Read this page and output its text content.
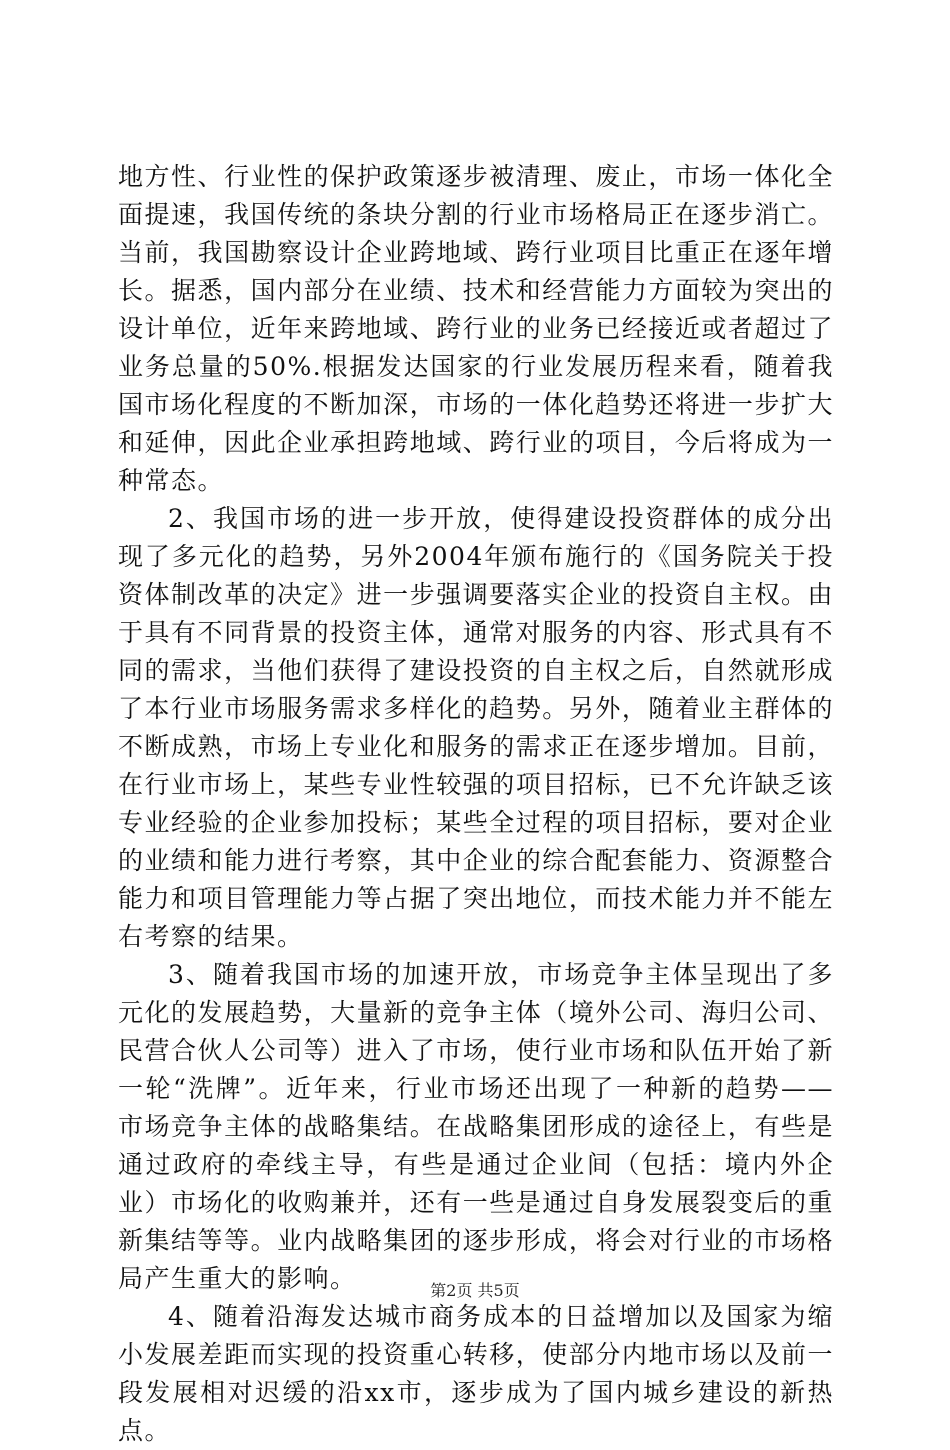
地方性、行业性的保护政策逐步被清理、废止，市场一体化全面提速，我国传统的条块分割的行业市场格局正在逐步消亡。当前，我国勘察设计企业跨地域、跨行业项目比重正在逐年增长。据悉，国内部分在业绩、技术和经营能力方面较为突出的设计单位，近年来跨地域、跨行业的业务已经接近或者超过了业务总量的50%.根据发达国家的行业发展历程来看，随着我国市场化程度的不断加深，市场的一体化趋势还将进一步扩大和延伸，因此企业承担跨地域、跨行业的项目，今后将成为一种常态。

2、我国市场的进一步开放，使得建设投资群体的成分出现了多元化的趋势，另外2004年颁布施行的《国务院关于投资体制改革的决定》进一步强调要落实企业的投资自主权。由于具有不同背景的投资主体，通常对服务的内容、形式具有不同的需求，当他们获得了建设投资的自主权之后，自然就形成了本行业市场服务需求多样化的趋势。另外，随着业主群体的不断成熟，市场上专业化和服务的需求正在逐步增加。目前，在行业市场上，某些专业性较强的项目招标，已不允许缺乏该专业经验的企业参加投标；某些全过程的项目招标，要对企业的业绩和能力进行考察，其中企业的综合配套能力、资源整合能力和项目管理能力等占据了突出地位，而技术能力并不能左右考察的结果。

3、随着我国市场的加速开放，市场竞争主体呈现出了多元化的发展趋势，大量新的竞争主体（境外公司、海归公司、民营合伙人公司等）进入了市场，使行业市场和队伍开始了新一轮“洗牌”。近年来，行业市场还出现了一种新的趋势——市场竞争主体的战略集结。在战略集团形成的途径上，有些是通过政府的牵线主导，有些是通过企业间（包括：境内外企业）市场化的收购兼并，还有一些是通过自身发展裂变后的重新集结等等。业内战略集团的逐步形成，将会对行业的市场格局产生重大的影响。

4、随着沿海发达城市商务成本的日益增加以及国家为缩小发展差距而实现的投资重心转移，使部分内地市场以及前一段发展相对迟缓的沿xx市，逐步成为了国内城乡建设的新热点。

第2页 共5页
